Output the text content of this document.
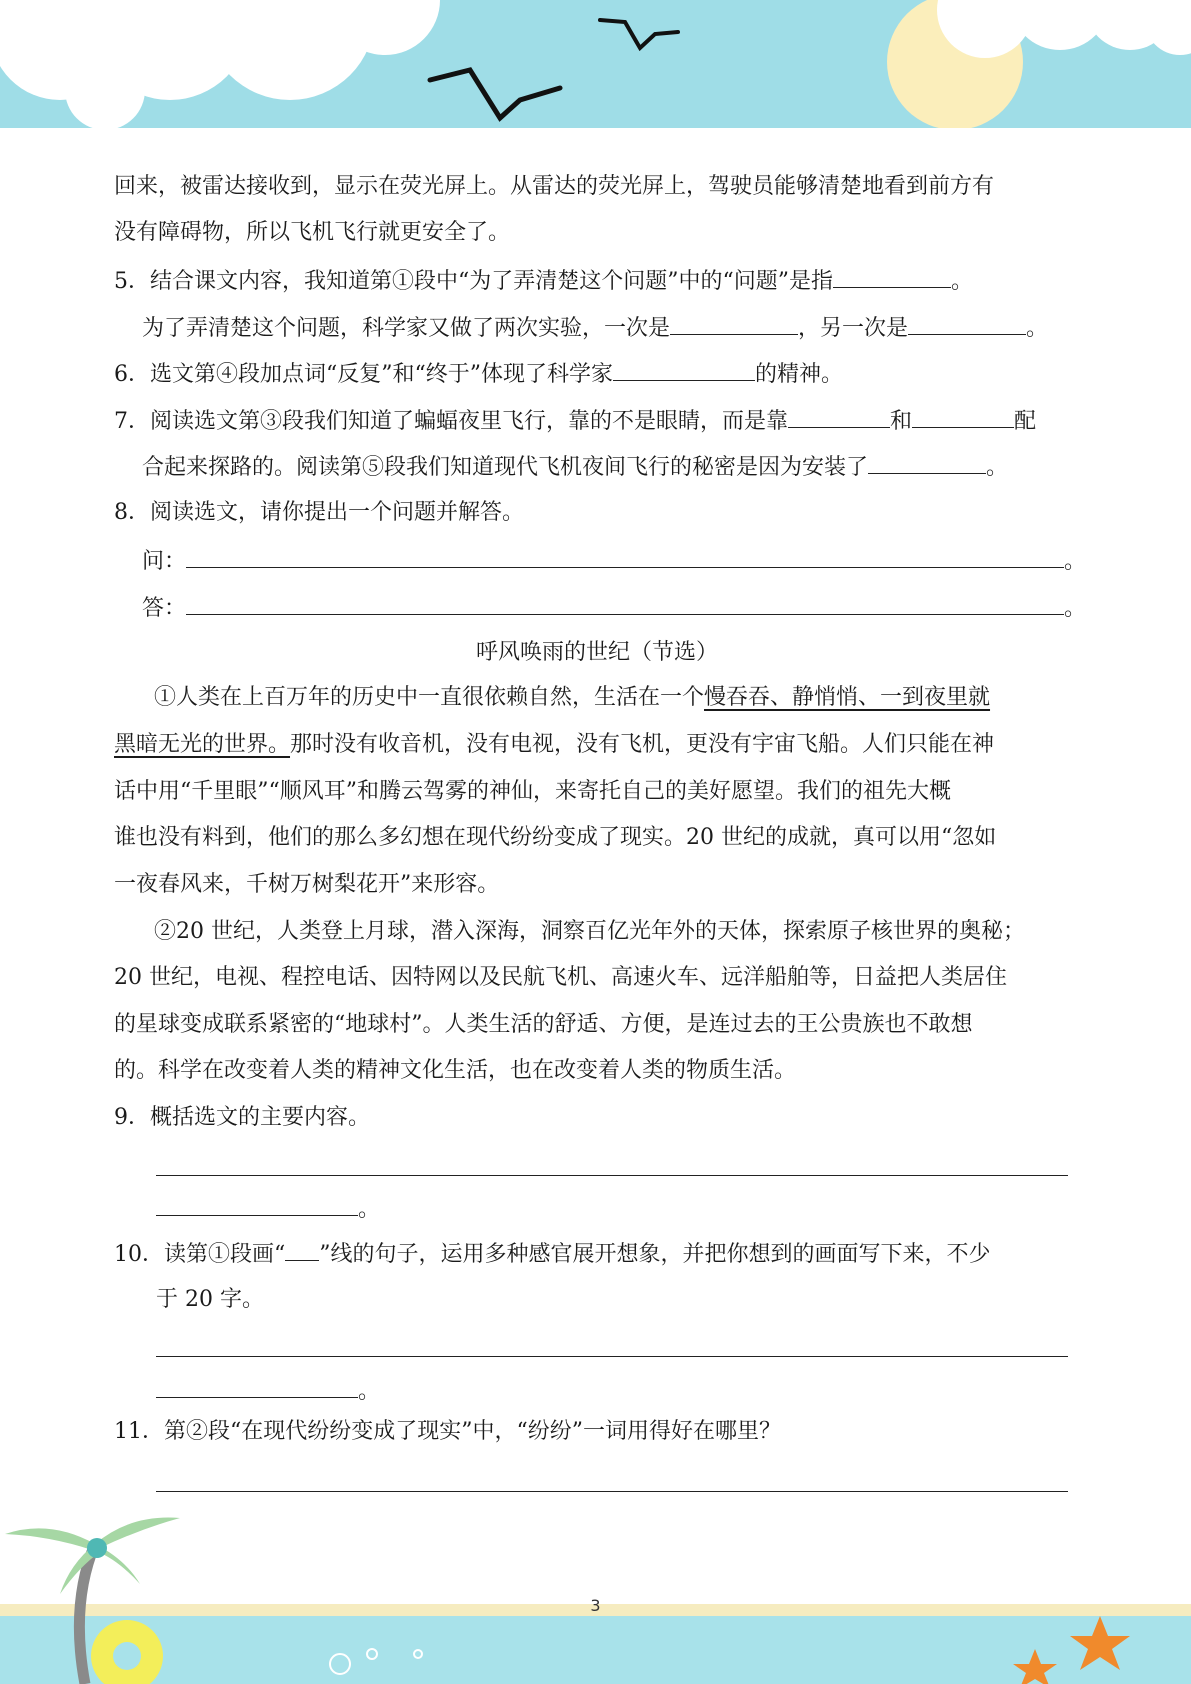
回来，被雷达接收到，显示在荧光屏上。从雷达的荧光屏上，驾驶员能够清楚地看到前方有
没有障碍物，所以飞机飞行就更安全了。
5．结合课文内容，我知道第①段中“为了弄清楚这个问题”中的“问题”是指	。
为了弄清楚这个问题，科学家又做了两次实验，一次是	，另一次是	。
6．选文第④段加点词“反复”和“终于”体现了科学家	的精神。
7．阅读选文第③段我们知道了蝙蝠夜里飞行，靠的不是眼睛，而是靠	和	配
合起来探路的。阅读第⑤段我们知道现代飞机夜间飞行的秘密是因为安装了	。
8．阅读选文，请你提出一个问题并解答。
问：	。
答：	。
呼风唤雨的世纪（节选）
①人类在上百万年的历史中一直很依赖自然，生活在一个慢吞吞、静悄悄、一到夜里就
黑暗无光的世界。那时没有收音机，没有电视，没有飞机，更没有宇宙飞船。人们只能在神
话中用“千里眼”“顺风耳”和腾云驾雾的神仙，来寄托自己的美好愿望。我们的祖先大概
谁也没有料到，他们的那么多幻想在现代纷纷变成了现实。20 世纪的成就，真可以用“忽如
一夜春风来，千树万树梨花开”来形容。
②20 世纪，人类登上月球，潜入深海，洞察百亿光年外的天体，探索原子核世界的奥秘；
20 世纪，电视、程控电话、因特网以及民航飞机、高速火车、远洋船舶等，日益把人类居住
的星球变成联系紧密的“地球村”。人类生活的舒适、方便，是连过去的王公贵族也不敢想
的。科学在改变着人类的精神文化生活，也在改变着人类的物质生活。
9．概括选文的主要内容。
。
10．读第①段画“ ”线的句子，运用多种感官展开想象，并把你想到的画面写下来，不少
于 20 字。
。
11．第②段“在现代纷纷变成了现实”中，“纷纷”一词用得好在哪里？
3
